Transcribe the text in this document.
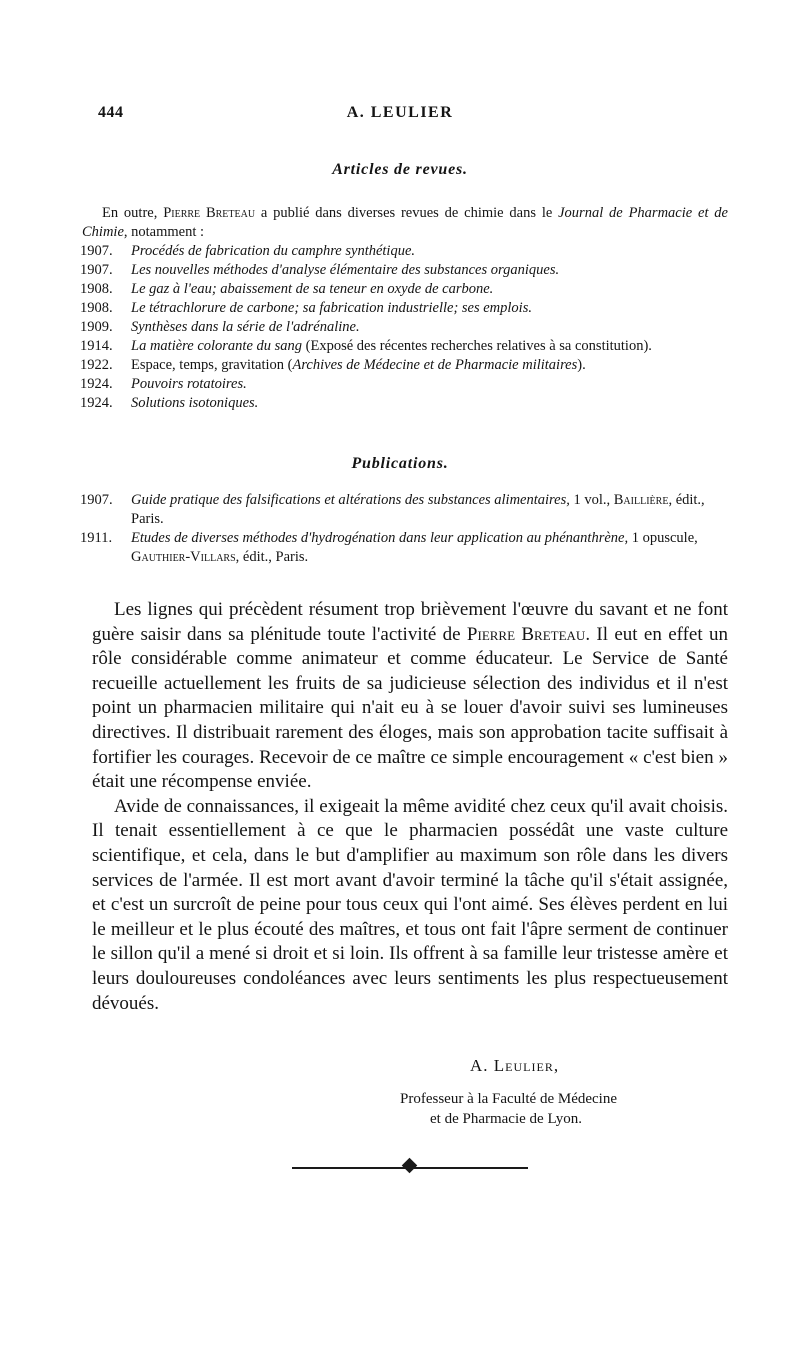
444	A. LEULIER
Articles de revues.
En outre, Pierre Breteau a publié dans diverses revues de chimie dans le Journal de Pharmacie et de Chimie, notamment :
1907. Procédés de fabrication du camphre synthétique.
1907. Les nouvelles méthodes d'analyse élémentaire des substances organiques.
1908. Le gaz à l'eau; abaissement de sa teneur en oxyde de carbone.
1908. Le tétrachlorure de carbone; sa fabrication industrielle; ses emplois.
1909. Synthèses dans la série de l'adrénaline.
1914. La matière colorante du sang (Exposé des récentes recherches relatives à sa constitution).
1922. Espace, temps, gravitation (Archives de Médecine et de Pharmacie militaires).
1924. Pouvoirs rotatoires.
1924. Solutions isotoniques.
Publications.
1907. Guide pratique des falsifications et altérations des substances alimentaires, 1 vol., Baillière, édit., Paris.
1911. Etudes de diverses méthodes d'hydrogénation dans leur application au phénanthrène, 1 opuscule, Gauthier-Villars, édit., Paris.

Les lignes qui précèdent résument trop brièvement l'œuvre du savant et ne font guère saisir dans sa plénitude toute l'activité de Pierre Breteau. Il eut en effet un rôle considérable comme animateur et comme éducateur. Le Service de Santé recueille actuellement les fruits de sa judicieuse sélection des individus et il n'est point un pharmacien militaire qui n'ait eu à se louer d'avoir suivi ses lumineuses directives. Il distribuait rarement des éloges, mais son approbation tacite suffisait à fortifier les courages. Recevoir de ce maître ce simple encouragement « c'est bien » était une récompense enviée.

Avide de connaissances, il exigeait la même avidité chez ceux qu'il avait choisis. Il tenait essentiellement à ce que le pharmacien possédât une vaste culture scientifique, et cela, dans le but d'amplifier au maximum son rôle dans les divers services de l'armée. Il est mort avant d'avoir terminé la tâche qu'il s'était assignée, et c'est un surcroît de peine pour tous ceux qui l'ont aimé. Ses élèves perdent en lui le meilleur et le plus écouté des maîtres, et tous ont fait l'âpre serment de continuer le sillon qu'il a mené si droit et si loin. Ils offrent à sa famille leur tristesse amère et leurs douloureuses condoléances avec leurs sentiments les plus respectueusement dévoués.

A. Leulier,
Professeur à la Faculté de Médecine
et de Pharmacie de Lyon.
